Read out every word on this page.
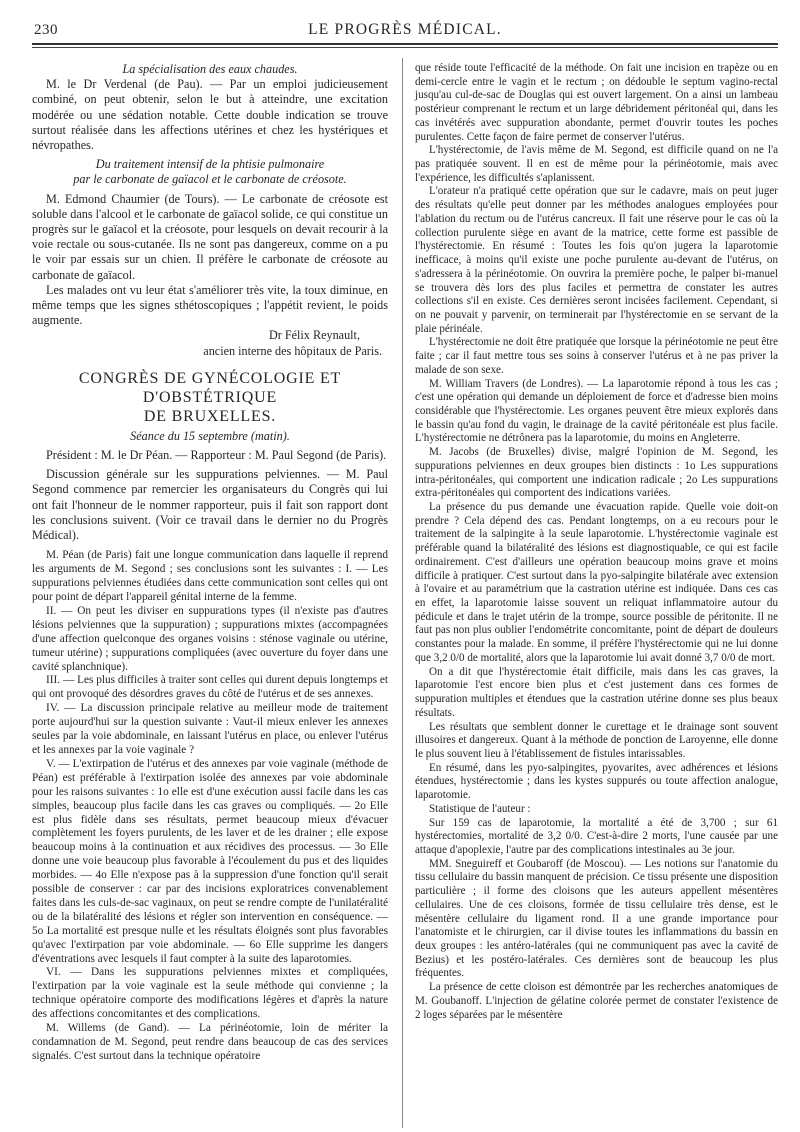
230	LE PROGRÈS MÉDICAL.

La spécialisation des eaux chaudes.

M. le Dr Verdenal (de Pau). — Par un emploi judicieusement combiné, on peut obtenir, selon le but à atteindre, une excitation modérée ou une sédation notable. Cette double indication se trouve surtout réalisée dans les affections utérines et chez les hystériques et névropathes.

Du traitement intensif de la phtisie pulmonaire

par le carbonate de gaïacol et le carbonate de créosote.

M. Edmond Chaumier (de Tours). — Le carbonate de créosote est soluble dans l'alcool et le carbonate de gaïacol solide, ce qui constitue un progrès sur le gaïacol et la créosote, pour lesquels on devait recourir à la voie rectale ou sous-cutanée. Ils ne sont pas dangereux, comme on a pu le voir par essais sur un chien. Il préfère le carbonate de créosote au carbonate de gaïacol.

Les malades ont vu leur état s'améliorer très vite, la toux diminue, en même temps que les signes sthétoscopiques ; l'appétit revient, le poids augmente.

Dr Félix Reynault,

ancien interne des hôpitaux de Paris.

CONGRÈS DE GYNÉCOLOGIE ET D'OBSTÉTRIQUE

DE BRUXELLES.

Séance du 15 septembre (matin).

Président : M. le Dr Péan. — Rapporteur : M. Paul Segond (de Paris).

Discussion générale sur les suppurations pelviennes. — M. Paul Segond commence par remercier les organisateurs du Congrès qui lui ont fait l'honneur de le nommer rapporteur, puis il fait son rapport dont les conclusions suivent. (Voir ce travail dans le dernier no du Progrès Médical).

M. Péan (de Paris) fait une longue communication dans laquelle il reprend les arguments de M. Segond ; ses conclusions sont les suivantes : I. — Les suppurations pelviennes étudiées dans cette communication sont celles qui ont pour point de départ l'appareil génital interne de la femme.

II. — On peut les diviser en suppurations types (il n'existe pas d'autres lésions pelviennes que la suppuration) ; suppurations mixtes (accompagnées d'une affection quelconque des organes voisins : sténose vaginale ou utérine, tumeur utérine) ; suppurations compliquées (avec ouverture du foyer dans une cavité splanchnique).

III. — Les plus difficiles à traiter sont celles qui durent depuis longtemps et qui ont provoqué des désordres graves du côté de l'utérus et de ses annexes.

IV. — La discussion principale relative au meilleur mode de traitement porte aujourd'hui sur la question suivante : Vaut-il mieux enlever les annexes seules par la voie abdominale, en laissant l'utérus en place, ou enlever l'utérus et les annexes par la voie vaginale ?

V. — L'extirpation de l'utérus et des annexes par voie vaginale (méthode de Péan) est préférable à l'extirpation isolée des annexes par voie abdominale pour les raisons suivantes : 1o elle est d'une exécution aussi facile dans les cas simples, beaucoup plus facile dans les cas graves ou compliqués. — 2o Elle est plus fidèle dans ses résultats, permet beaucoup mieux d'évacuer complètement les foyers purulents, de les laver et de les drainer ; elle expose beaucoup moins à la continuation et aux récidives des processus. — 3o Elle donne une voie beaucoup plus favorable à l'écoulement du pus et des liquides morbides. — 4o Elle n'expose pas à la suppression d'une fonction qu'il serait possible de conserver : car par des incisions exploratrices convenablement faites dans les culs-de-sac vaginaux, on peut se rendre compte de l'unilatéralité ou de la bilatéralité des lésions et régler son intervention en conséquence. — 5o La mortalité est presque nulle et les résultats éloignés sont plus favorables qu'avec l'extirpation par voie abdominale. — 6o Elle supprime les dangers d'éventrations avec lesquels il faut compter à la suite des laparotomies.

VI. — Dans les suppurations pelviennes mixtes et compliquées, l'extirpation par la voie vaginale est la seule méthode qui convienne ; la technique opératoire comporte des modifications légères et d'après la nature des affections concomitantes et des complications.

M. Willems (de Gand). — La périnéotomie, loin de mériter la condamnation de M. Segond, peut rendre dans beaucoup de cas des services signalés. C'est surtout dans la technique opératoire

que réside toute l'efficacité de la méthode. On fait une incision en trapèze ou en demi-cercle entre le vagin et le rectum ; on dédouble le septum vagino-rectal jusqu'au cul-de-sac de Douglas qui est ouvert largement. On a ainsi un lambeau postérieur comprenant le rectum et un large débridement péritonéal qui, dans les cas invétérés avec suppuration abondante, permet d'ouvrir toutes les poches purulentes. Cette façon de faire permet de conserver l'utérus.

L'hystérectomie, de l'avis même de M. Segond, est difficile quand on ne l'a pas pratiquée souvent. Il en est de même pour la périnéotomie, mais avec l'expérience, les difficultés s'aplanissent.

L'orateur n'a pratiqué cette opération que sur le cadavre, mais on peut juger des résultats qu'elle peut donner par les méthodes analogues employées pour l'ablation du rectum ou de l'utérus cancreux. Il fait une réserve pour le cas où la collection purulente siège en avant de la matrice, cette forme est passible de l'hystérectomie. En résumé : Toutes les fois qu'on jugera la laparotomie inefficace, à moins qu'il existe une poche purulente au-devant de l'utérus, on s'adressera à la périnéotomie. On ouvrira la première poche, le palper bi-manuel se trouvera dès lors des plus faciles et permettra de constater les autres collections s'il en existe. Ces dernières seront incisées facilement. Cependant, si on ne pouvait y parvenir, on terminerait par l'hystérectomie en se servant de la plaie périnéale.

L'hystérectomie ne doit être pratiquée que lorsque la périnéotomie ne peut être faite ; car il faut mettre tous ses soins à conserver l'utérus et à ne pas priver la malade de son sexe.

M. William Travers (de Londres). — La laparotomie répond à tous les cas ; c'est une opération qui demande un déploiement de force et d'adresse bien moins considérable que l'hystérectomie. Les organes peuvent être mieux explorés dans le bassin qu'au fond du vagin, le drainage de la cavité péritonéale est plus facile. L'hystérectomie ne détrônera pas la laparotomie, du moins en Angleterre.

M. Jacobs (de Bruxelles) divise, malgré l'opinion de M. Segond, les suppurations pelviennes en deux groupes bien distincts : 1o Les suppurations intra-péritonéales, qui comportent une indication radicale ; 2o Les suppurations extra-péritonéales qui comportent des indications variées.

La présence du pus demande une évacuation rapide. Quelle voie doit-on prendre ? Cela dépend des cas. Pendant longtemps, on a eu recours pour le traitement de la salpingite à la seule laparotomie. L'hystérectomie vaginale est préférable quand la bilatéralité des lésions est diagnostiquable, ce qui est facile ordinairement. C'est d'ailleurs une opération beaucoup moins grave et moins difficile à pratiquer. C'est surtout dans la pyo-salpingite bilatérale avec extension à l'ovaire et au paramétrium que la castration utérine est indiquée. Dans ces cas en effet, la laparotomie laisse souvent un reliquat inflammatoire autour du pédicule et dans le trajet utérin de la trompe, source possible de péritonite. Il ne faut pas non plus oublier l'endométrite concomitante, point de départ de douleurs constantes pour la malade. En somme, il préfère l'hystérectomie qui ne lui donne que 3,2 0/0 de mortalité, alors que la laparotomie lui avait donné 3,7 0/0 de mort.

On a dit que l'hystérectomie était difficile, mais dans les cas graves, la laparotomie l'est encore bien plus et c'est justement dans ces formes de suppuration multiples et étendues que la castration utérine donne ses plus beaux résultats.

Les résultats que semblent donner le curettage et le drainage sont souvent illusoires et dangereux. Quant à la méthode de ponction de Laroyenne, elle donne le plus souvent lieu à l'établissement de fistules intarissables.

En résumé, dans les pyo-salpingites, pyovarites, avec adhérences et lésions étendues, hystérectomie ; dans les kystes suppurés ou toute affection analogue, laparotomie.

Statistique de l'auteur :

Sur 159 cas de laparotomie, la mortalité a été de 3,700 ; sur 61 hystérectomies, mortalité de 3,2 0/0. C'est-à-dire 2 morts, l'une causée par une attaque d'apoplexie, l'autre par des complications intestinales au 3e jour.

MM. Sneguireff et Goubaroff (de Moscou). — Les notions sur l'anatomie du tissu cellulaire du bassin manquent de précision. Ce tissu présente une disposition particulière ; il forme des cloisons que les auteurs appellent mésentères cellulaires. Une de ces cloisons, formée de tissu cellulaire très dense, est le mésentère cellulaire du ligament rond. Il a une grande importance pour l'anatomiste et le chirurgien, car il divise toutes les inflammations du bassin en deux groupes : les antéro-latérales (qui ne communiquent pas avec la cavité de Bezius) et les postéro-latérales. Ces dernières sont de beaucoup les plus fréquentes.

La présence de cette cloison est démontrée par les recherches anatomiques de M. Goubanoff. L'injection de gélatine colorée permet de constater l'existence de 2 loges séparées par le mésentère
